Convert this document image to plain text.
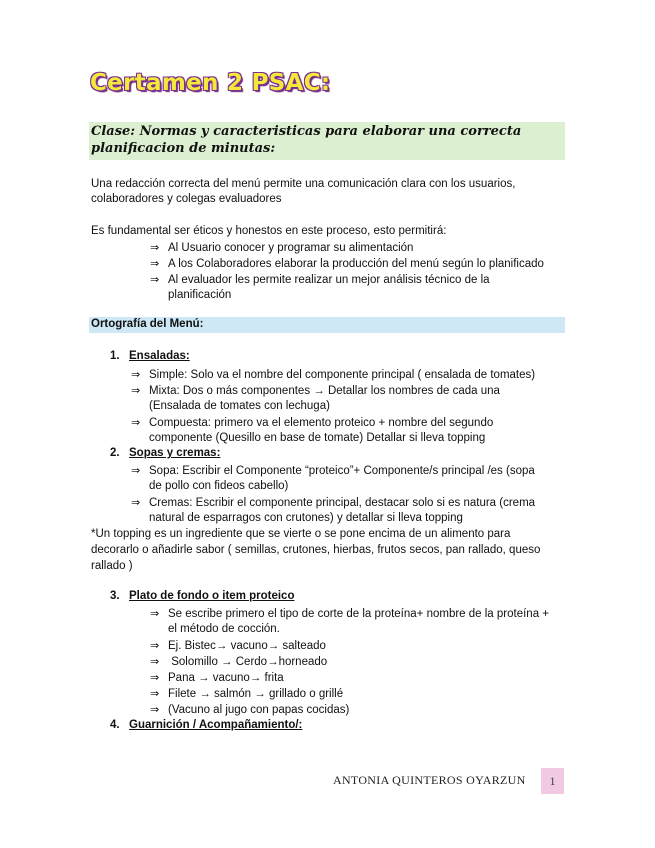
Certamen 2 PSAC:
Clase: Normas y caracteristicas para elaborar una correcta
planificacion de minutas:
Una redacción correcta del menú permite una comunicación clara con los usuarios,
colaboradores y colegas evaluadores
Es fundamental ser éticos y honestos en este proceso, esto permitirá:
⇒ Al Usuario conocer y programar su alimentación
⇒ A los Colaboradores elaborar la producción del menú según lo planificado
⇒ Al evaluador les permite realizar un mejor análisis técnico de la
planificación
Ortografía del Menú:
1. Ensaladas:
⇒ Simple: Solo va el nombre del componente principal ( ensalada de tomates)
⇒ Mixta: Dos o más componentes → Detallar los nombres de cada una
(Ensalada de tomates con lechuga)
⇒ Compuesta: primero va el elemento proteico + nombre del segundo
componente (Quesillo en base de tomate) Detallar si lleva topping
2. Sopas y cremas:
⇒ Sopa: Escribir el Componente “proteico”+ Componente/s principal /es (sopa
de pollo con fideos cabello)
⇒ Cremas: Escribir el componente principal, destacar solo si es natura (crema
natural de esparragos con crutones) y detallar si lleva topping
*Un topping es un ingrediente que se vierte o se pone encima de un alimento para
decorarlo o añadirle sabor ( semillas, crutones, hierbas, frutos secos, pan rallado, queso
rallado )
3. Plato de fondo o item proteico
⇒ Se escribe primero el tipo de corte de la proteína+ nombre de la proteína +
el método de cocción.
⇒ Ej. Bistec→ vacuno→ salteado
⇒ Solomillo → Cerdo→horneado
⇒ Pana → vacuno→ frita
⇒ Filete → salmón → grillado o grillé
⇒ (Vacuno al jugo con papas cocidas)
4. Guarnición / Acompañamiento/:
ANTONIA QUINTEROS OYARZUN	1
